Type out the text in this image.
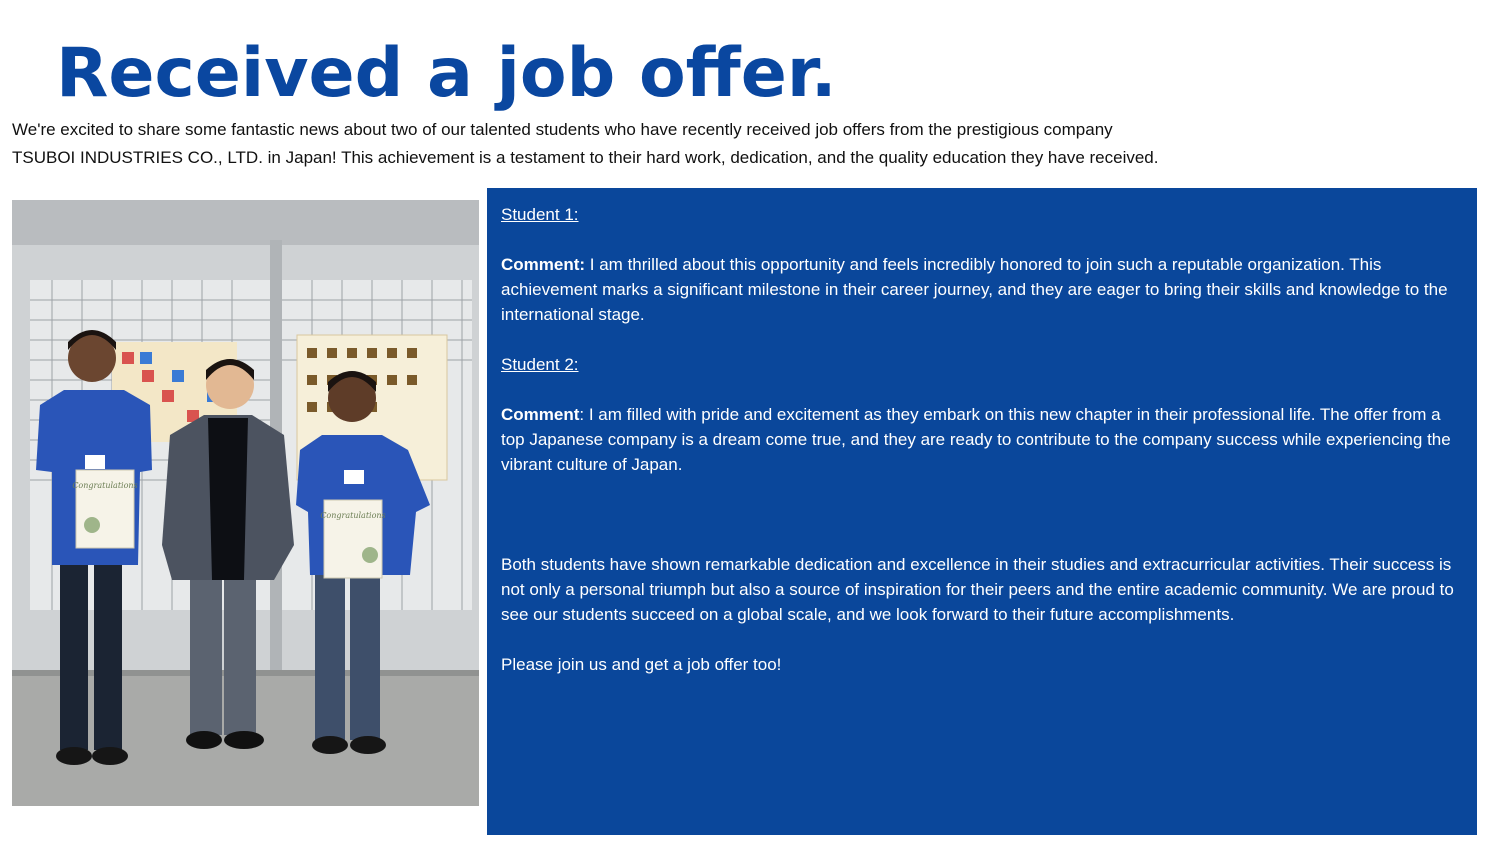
Received a job offer.
We're excited to share some fantastic news about two of our talented students who have recently received job offers from the prestigious company
TSUBOI INDUSTRIES CO., LTD. in Japan! This achievement is a testament to their hard work, dedication, and the quality education they have received.
Congratulations
Congratulations

Student 1:

Comment: I am thrilled about this opportunity and feels incredibly honored to join such a reputable organization. This achievement marks a significant milestone in their career journey, and they are eager to bring their skills and knowledge to the international stage.

Student 2:

Comment: I am filled with pride and excitement as they embark on this new chapter in their professional life. The offer from a top Japanese company is a dream come true, and they are ready to contribute to the company success while experiencing the vibrant culture of Japan.

Both students have shown remarkable dedication and excellence in their studies and extracurricular activities. Their success is not only a personal triumph but also a source of inspiration for their peers and the entire academic community. We are proud to see our students succeed on a global scale, and we look forward to their future accomplishments.

Please join us and get a job offer too!
